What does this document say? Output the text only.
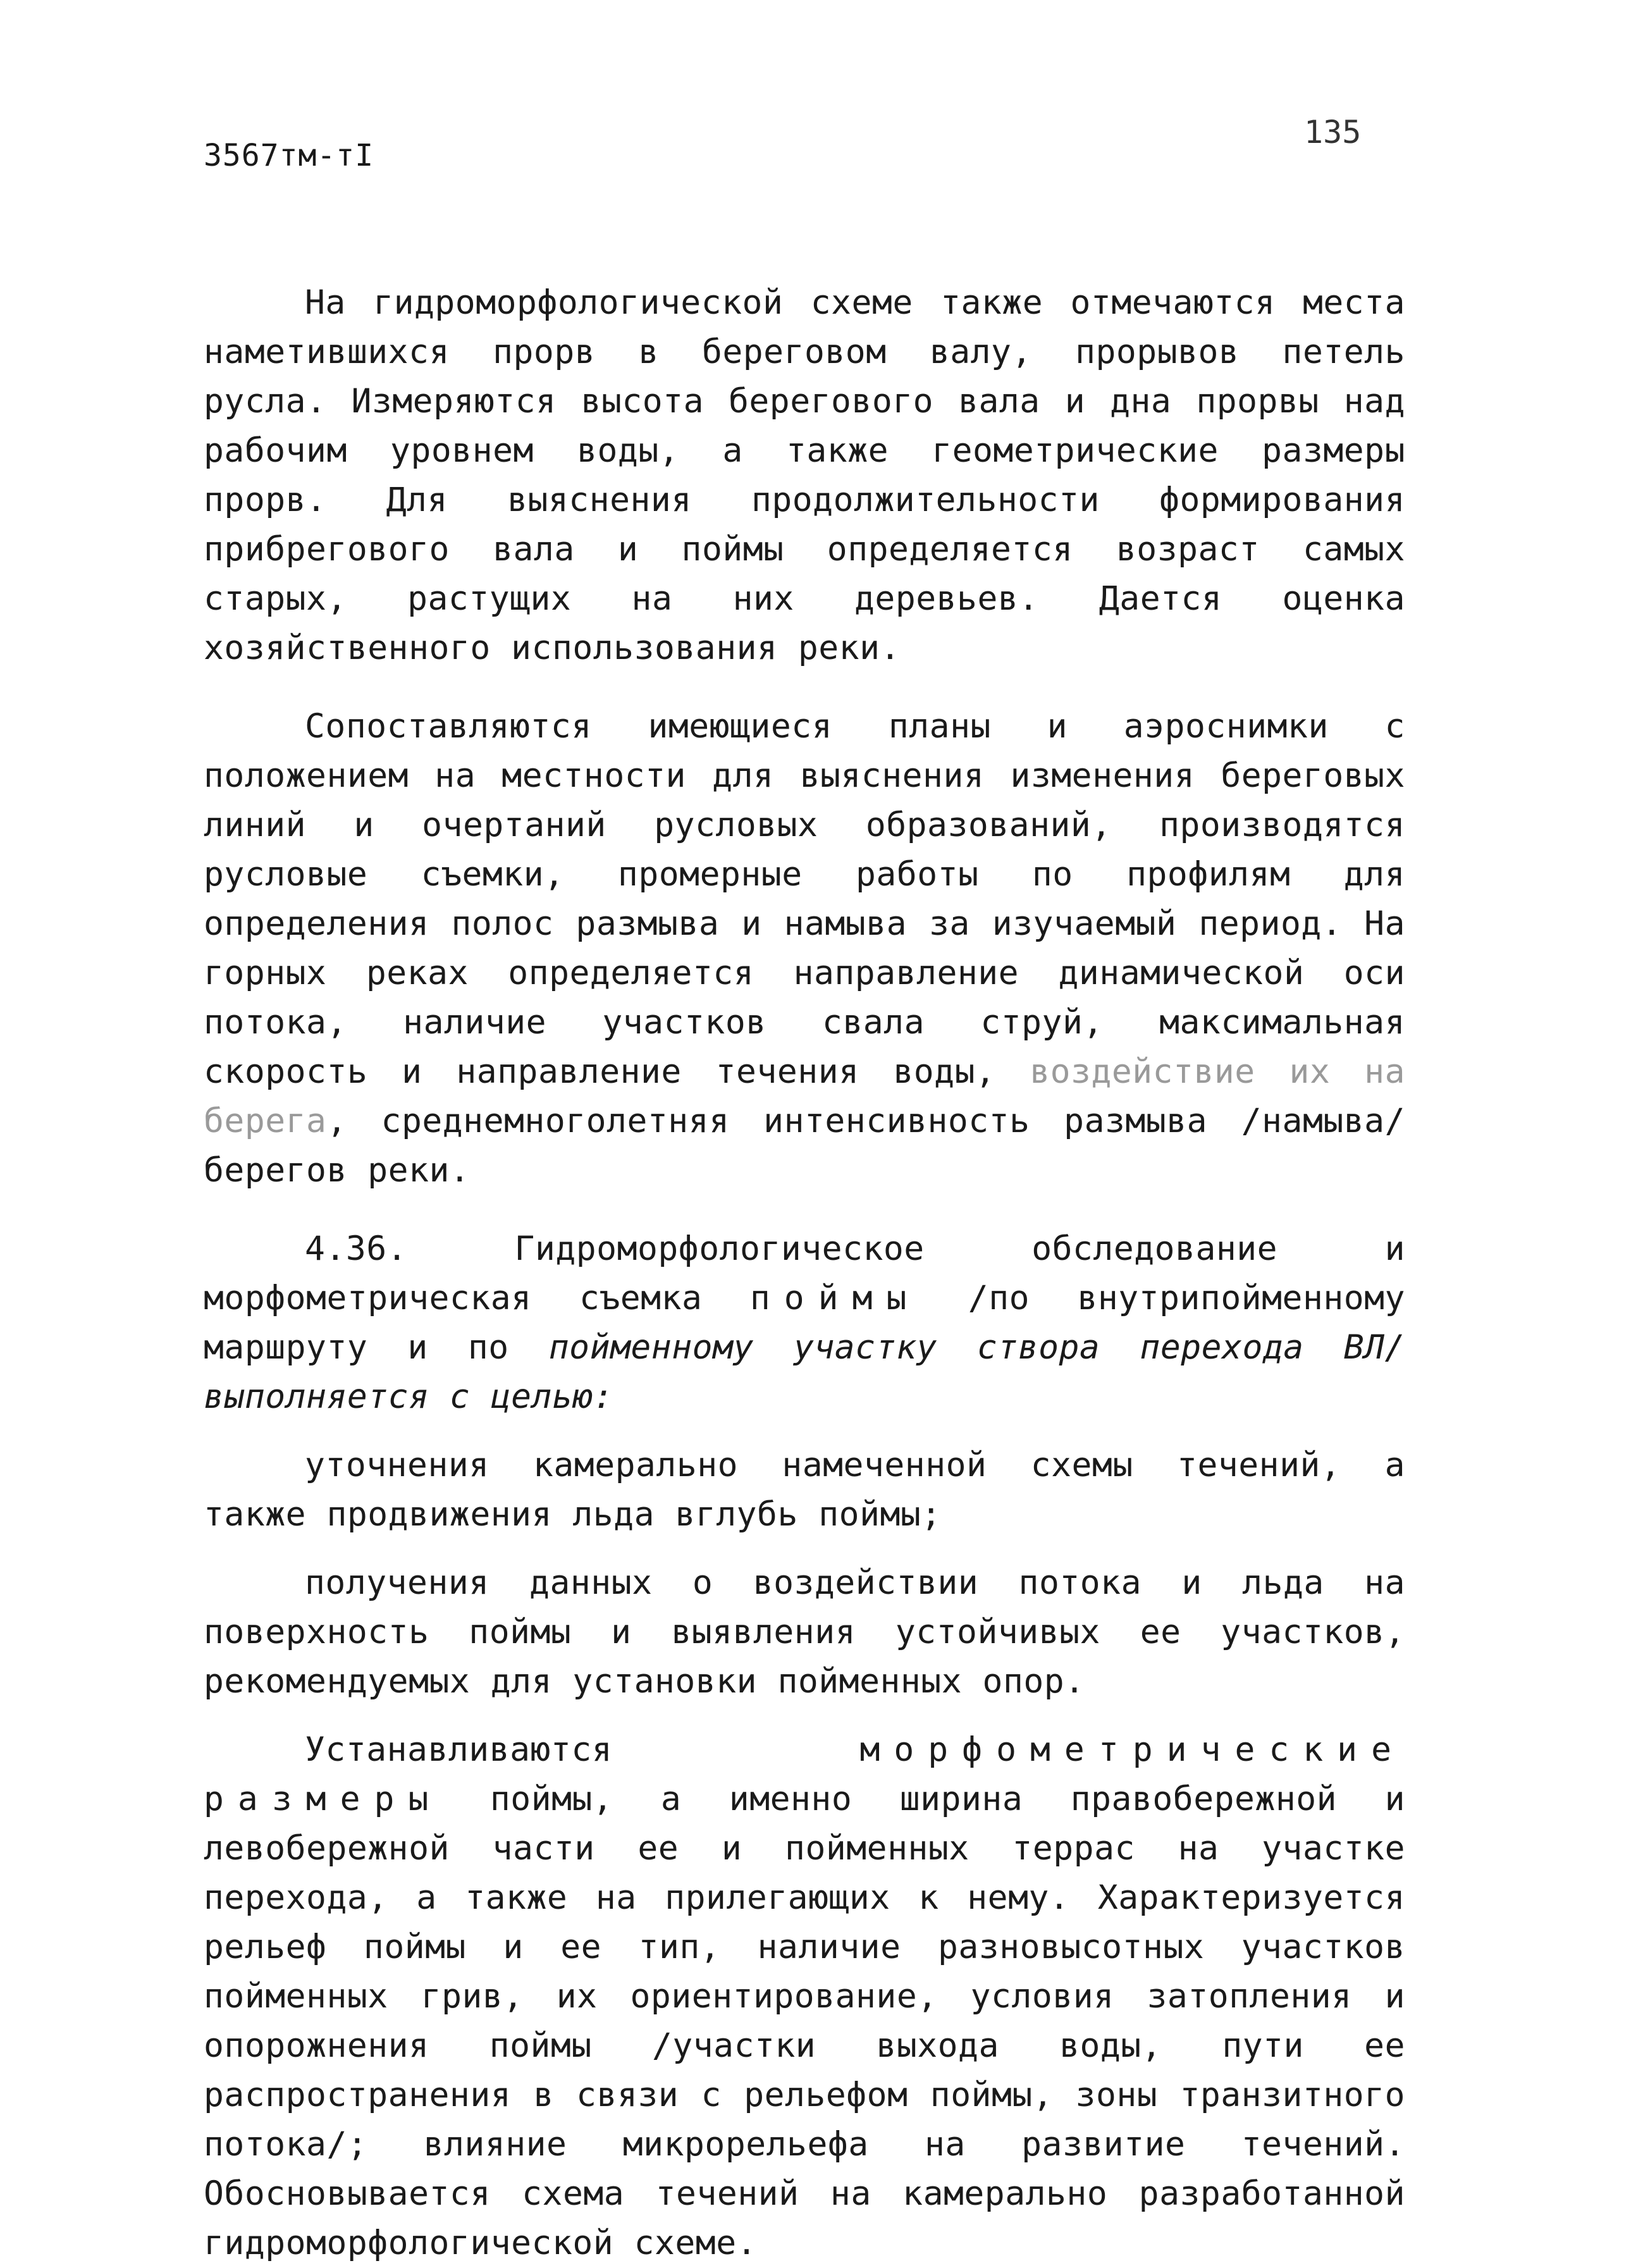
3567тм-тI
135

На гидроморфологической схеме также отмечаются места наметившихся прорв в береговом валу, прорывов петель русла. Измеряются высота берегового вала и дна прорвы над рабочим уровнем воды, а также геометрические размеры прорв. Для выяснения продолжительности формирования прибрегового вала и поймы определяется возраст самых старых, растущих на них деревьев. Дается оценка хозяйственного использования реки.

Сопоставляются имеющиеся планы и аэроснимки с положением на местности для выяснения изменения береговых линий и очертаний русловых образований, производятся русловые съемки, промерные работы по профилям для определения полос размыва и намыва за изучаемый период. На горных реках определяется направление динамической оси потока, наличие участков свала струй, максимальная скорость и направление течения воды, воздействие их на берега, среднемноголетняя интенсивность размыва /намыва/ берегов реки.

4.36. Гидроморфологическое обследование и морфометрическая съемка поймы /по внутрипойменному маршруту и по пойменному участку створа перехода ВЛ/ выполняется с целью:

уточнения камерально намеченной схемы течений, а также продвижения льда вглубь поймы;

получения данных о воздействии потока и льда на поверхность поймы и выявления устойчивых ее участков, рекомендуемых для установки пойменных опор.

Устанавливаются морфометрические размеры поймы, а именно ширина правобережной и левобережной части ее и пойменных террас на участке перехода, а также на прилегающих к нему. Характеризуется рельеф поймы и ее тип, наличие разновысотных участков пойменных грив, их ориентирование, условия затопления и опорожнения поймы /участки выхода воды, пути ее распространения в связи с рельефом поймы, зоны транзитного потока/; влияние микрорельефа на развитие течений. Обосновывается схема течений на камерально разработанной гидроморфологической схеме.
